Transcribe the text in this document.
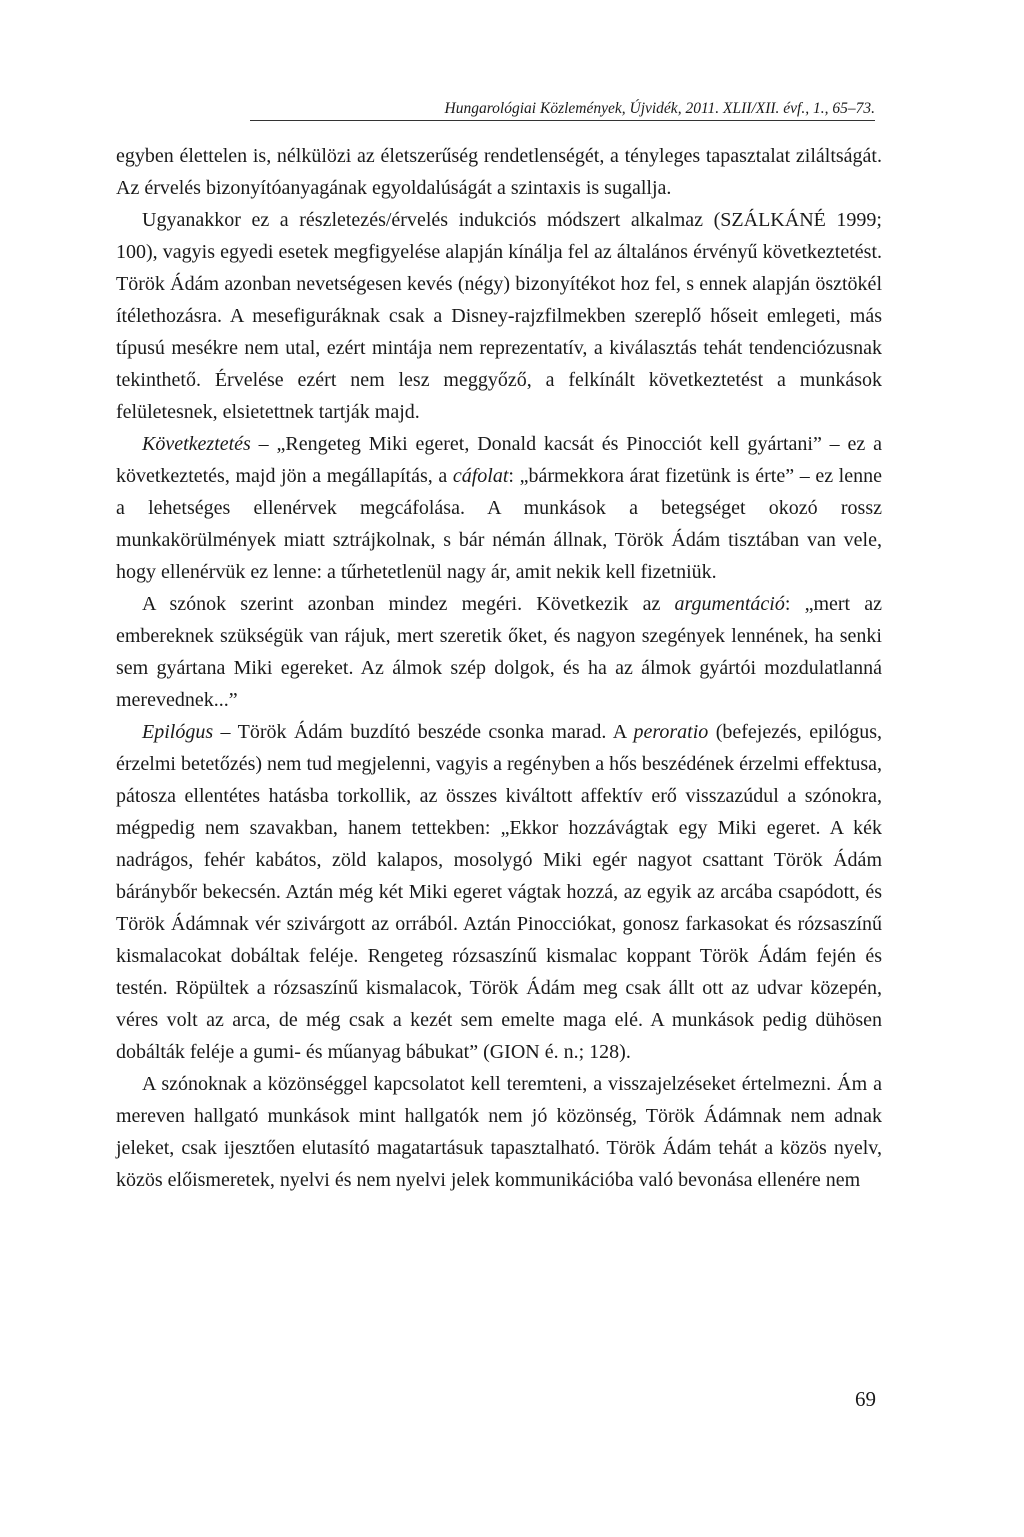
Hungarológiai Közlemények, Újvidék, 2011. XLII/XII. évf., 1., 65–73.

egyben élettelen is, nélkülözi az életszerűség rendetlenségét, a tényleges tapasztalat ziláltságát. Az érvelés bizonyítóanyagának egyoldalúságát a szintaxis is sugallja.

Ugyanakkor ez a részletezés/érvelés indukciós módszert alkalmaz (SZÁLKÁNÉ 1999; 100), vagyis egyedi esetek megfigyelése alapján kínálja fel az általános érvényű következtetést. Török Ádám azonban nevetségesen kevés (négy) bizonyítékot hoz fel, s ennek alapján ösztökél ítélethozásra. A mesefiguráknak csak a Disney-rajzfilmekben szereplő hőseit emlegeti, más típusú mesékre nem utal, ezért mintája nem reprezentatív, a kiválasztás tehát tendenciózusnak tekinthető. Érvelése ezért nem lesz meggyőző, a felkínált következtetést a munkások felületesnek, elsietettnek tartják majd.

Következtetés – „Rengeteg Miki egeret, Donald kacsát és Pinocciót kell gyártani” – ez a következtetés, majd jön a megállapítás, a cáfolat: „bármekkora árat fizetünk is érte” – ez lenne a lehetséges ellenérvek megcáfolása. A munkások a betegséget okozó rossz munkakörülmények miatt sztrájkolnak, s bár némán állnak, Török Ádám tisztában van vele, hogy ellenérvük ez lenne: a tűrhetetlenül nagy ár, amit nekik kell fizetniük.

A szónok szerint azonban mindez megéri. Következik az argumentáció: „mert az embereknek szükségük van rájuk, mert szeretik őket, és nagyon szegények lennének, ha senki sem gyártana Miki egereket. Az álmok szép dolgok, és ha az álmok gyártói mozdulatlanná merevednek...”

Epilógus – Török Ádám buzdító beszéde csonka marad. A peroratio (befejezés, epilógus, érzelmi betetőzés) nem tud megjelenni, vagyis a regényben a hős beszédének érzelmi effektusa, pátosza ellentétes hatásba torkollik, az összes kiváltott affektív erő visszazúdul a szónokra, mégpedig nem szavakban, hanem tettekben: „Ekkor hozzávágtak egy Miki egeret. A kék nadrágos, fehér kabátos, zöld kalapos, mosolygó Miki egér nagyot csattant Török Ádám báránybőr bekecsén. Aztán még két Miki egeret vágtak hozzá, az egyik az arcába csapódott, és Török Ádámnak vér szivárgott az orrából. Aztán Pinocciókat, gonosz farkasokat és rózsaszínű kismalacokat dobáltak feléje. Rengeteg rózsaszínű kismalac koppant Török Ádám fején és testén. Röpültek a rózsaszínű kismalacok, Török Ádám meg csak állt ott az udvar közepén, véres volt az arca, de még csak a kezét sem emelte maga elé. A munkások pedig dühösen dobálták feléje a gumi- és műanyag bábukat” (GION é. n.; 128).

A szónoknak a közönséggel kapcsolatot kell teremteni, a visszajelzéseket értelmezni. Ám a mereven hallgató munkások mint hallgatók nem jó közönség, Török Ádámnak nem adnak jeleket, csak ijesztően elutasító magatartásuk tapasztalható. Török Ádám tehát a közös nyelv, közös előismeretek, nyelvi és nem nyelvi jelek kommunikációba való bevonása ellenére nem

69
